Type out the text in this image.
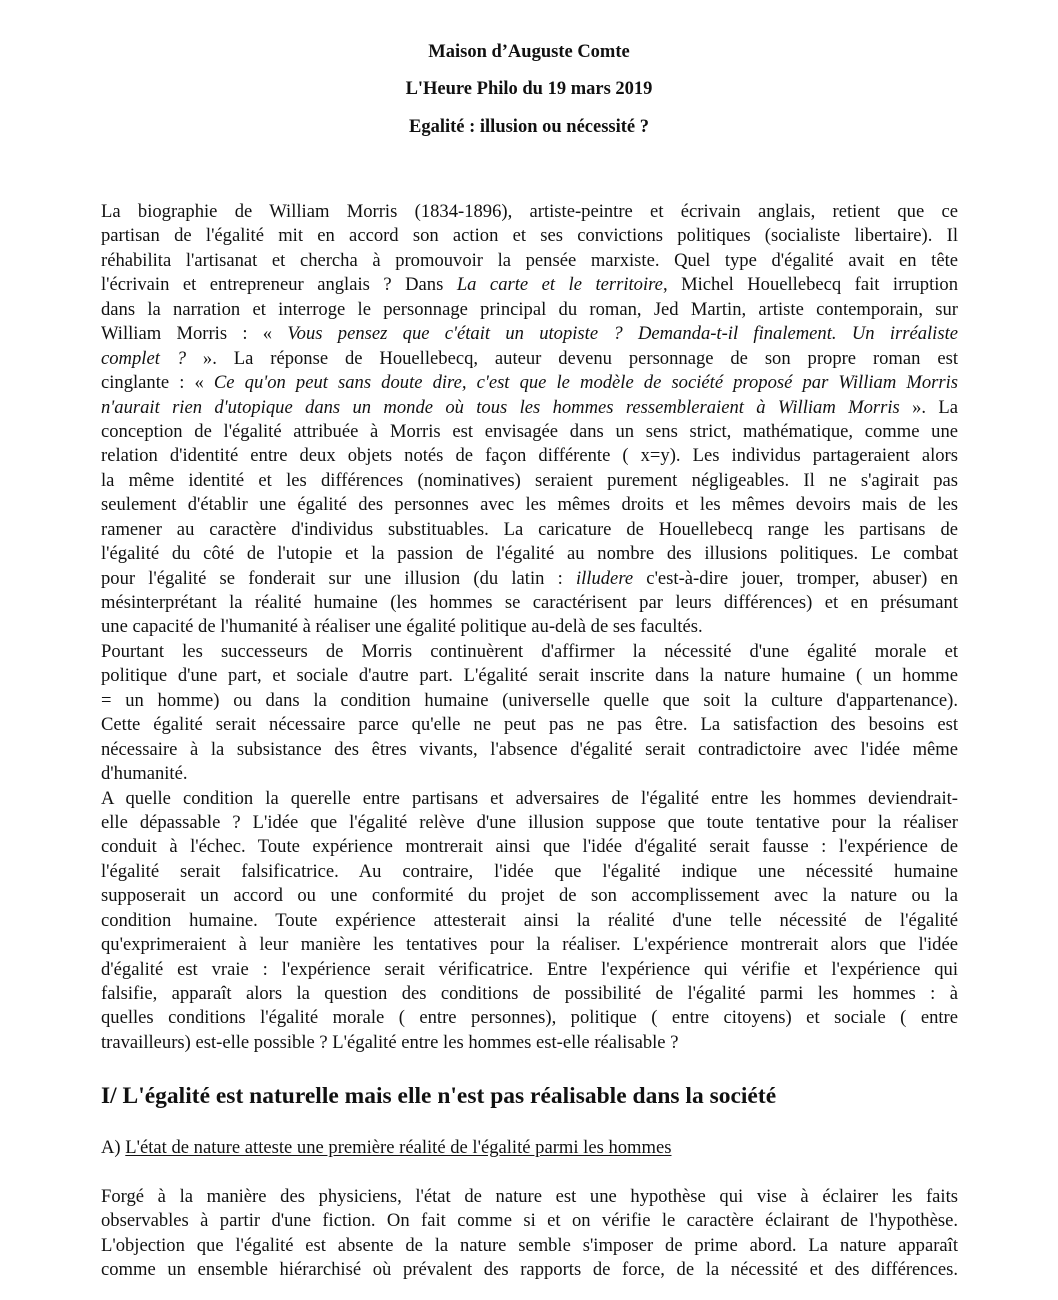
Maison d’Auguste Comte
L'Heure Philo du 19 mars 2019
Egalité : illusion ou nécessité ?
La biographie de William Morris (1834-1896), artiste-peintre et écrivain anglais, retient que ce
partisan de l'égalité mit en accord son action et ses convictions politiques (socialiste libertaire). Il
réhabilita l'artisanat et chercha à promouvoir la pensée marxiste. Quel type d'égalité avait en tête
l'écrivain et entrepreneur anglais ? Dans La carte et le territoire, Michel Houellebecq fait irruption
dans la narration et interroge le personnage principal du roman, Jed Martin, artiste contemporain, sur
William Morris : « Vous pensez que c'était un utopiste ? Demanda-t-il finalement. Un irréaliste
complet ? ». La réponse de Houellebecq, auteur devenu personnage de son propre roman est
cinglante : « Ce qu'on peut sans doute dire, c'est que le modèle de société proposé par William Morris
n'aurait rien d'utopique dans un monde où tous les hommes ressembleraient à William Morris ». La
conception de l'égalité attribuée à Morris est envisagée dans un sens strict, mathématique, comme une
relation d'identité entre deux objets notés de façon différente ( x=y). Les individus partageraient alors
la même identité et les différences (nominatives) seraient purement négligeables. Il ne s'agirait pas
seulement d'établir une égalité des personnes avec les mêmes droits et les mêmes devoirs mais de les
ramener au caractère d'individus substituables. La caricature de Houellebecq range les partisans de
l'égalité du côté de l'utopie et la passion de l'égalité au nombre des illusions politiques. Le combat
pour l'égalité se fonderait sur une illusion (du latin : illudere c'est-à-dire jouer, tromper, abuser) en
mésinterprétant la réalité humaine (les hommes se caractérisent par leurs différences) et en présumant
une capacité de l'humanité à réaliser une égalité politique au-delà de ses facultés.
Pourtant les successeurs de Morris continuèrent d'affirmer la nécessité d'une égalité morale et
politique d'une part, et sociale d'autre part. L'égalité serait inscrite dans la nature humaine ( un homme
= un homme) ou dans la condition humaine (universelle quelle que soit la culture d'appartenance).
Cette égalité serait nécessaire parce qu'elle ne peut pas ne pas être. La satisfaction des besoins est
nécessaire à la subsistance des êtres vivants, l'absence d'égalité serait contradictoire avec l'idée même
d'humanité.
A quelle condition la querelle entre partisans et adversaires de l'égalité entre les hommes deviendrait-
elle dépassable ? L'idée que l'égalité relève d'une illusion suppose que toute tentative pour la réaliser
conduit à l'échec. Toute expérience montrerait ainsi que l'idée d'égalité serait fausse : l'expérience de
l'égalité serait falsificatrice. Au contraire, l'idée que l'égalité indique une nécessité humaine
supposerait un accord ou une conformité du projet de son accomplissement avec la nature ou la
condition humaine. Toute expérience attesterait ainsi la réalité d'une telle nécessité de l'égalité
qu'exprimeraient à leur manière les tentatives pour la réaliser. L'expérience montrerait alors que l'idée
d'égalité est vraie : l'expérience serait vérificatrice. Entre l'expérience qui vérifie et l'expérience qui
falsifie, apparaît alors la question des conditions de possibilité de l'égalité parmi les hommes : à
quelles conditions l'égalité morale ( entre personnes), politique ( entre citoyens) et sociale ( entre
travailleurs) est-elle possible ? L'égalité entre les hommes est-elle réalisable ?
I/ L'égalité est naturelle mais elle n'est pas réalisable dans la société
A) L'état de nature atteste une première réalité de l'égalité parmi les hommes
Forgé à la manière des physiciens, l'état de nature est une hypothèse qui vise à éclairer les faits
observables à partir d'une fiction. On fait comme si et on vérifie le caractère éclairant de l'hypothèse.
L'objection que l'égalité est absente de la nature semble s'imposer de prime abord. La nature apparaît
comme un ensemble hiérarchisé où prévalent des rapports de force, de la nécessité et des différences.
